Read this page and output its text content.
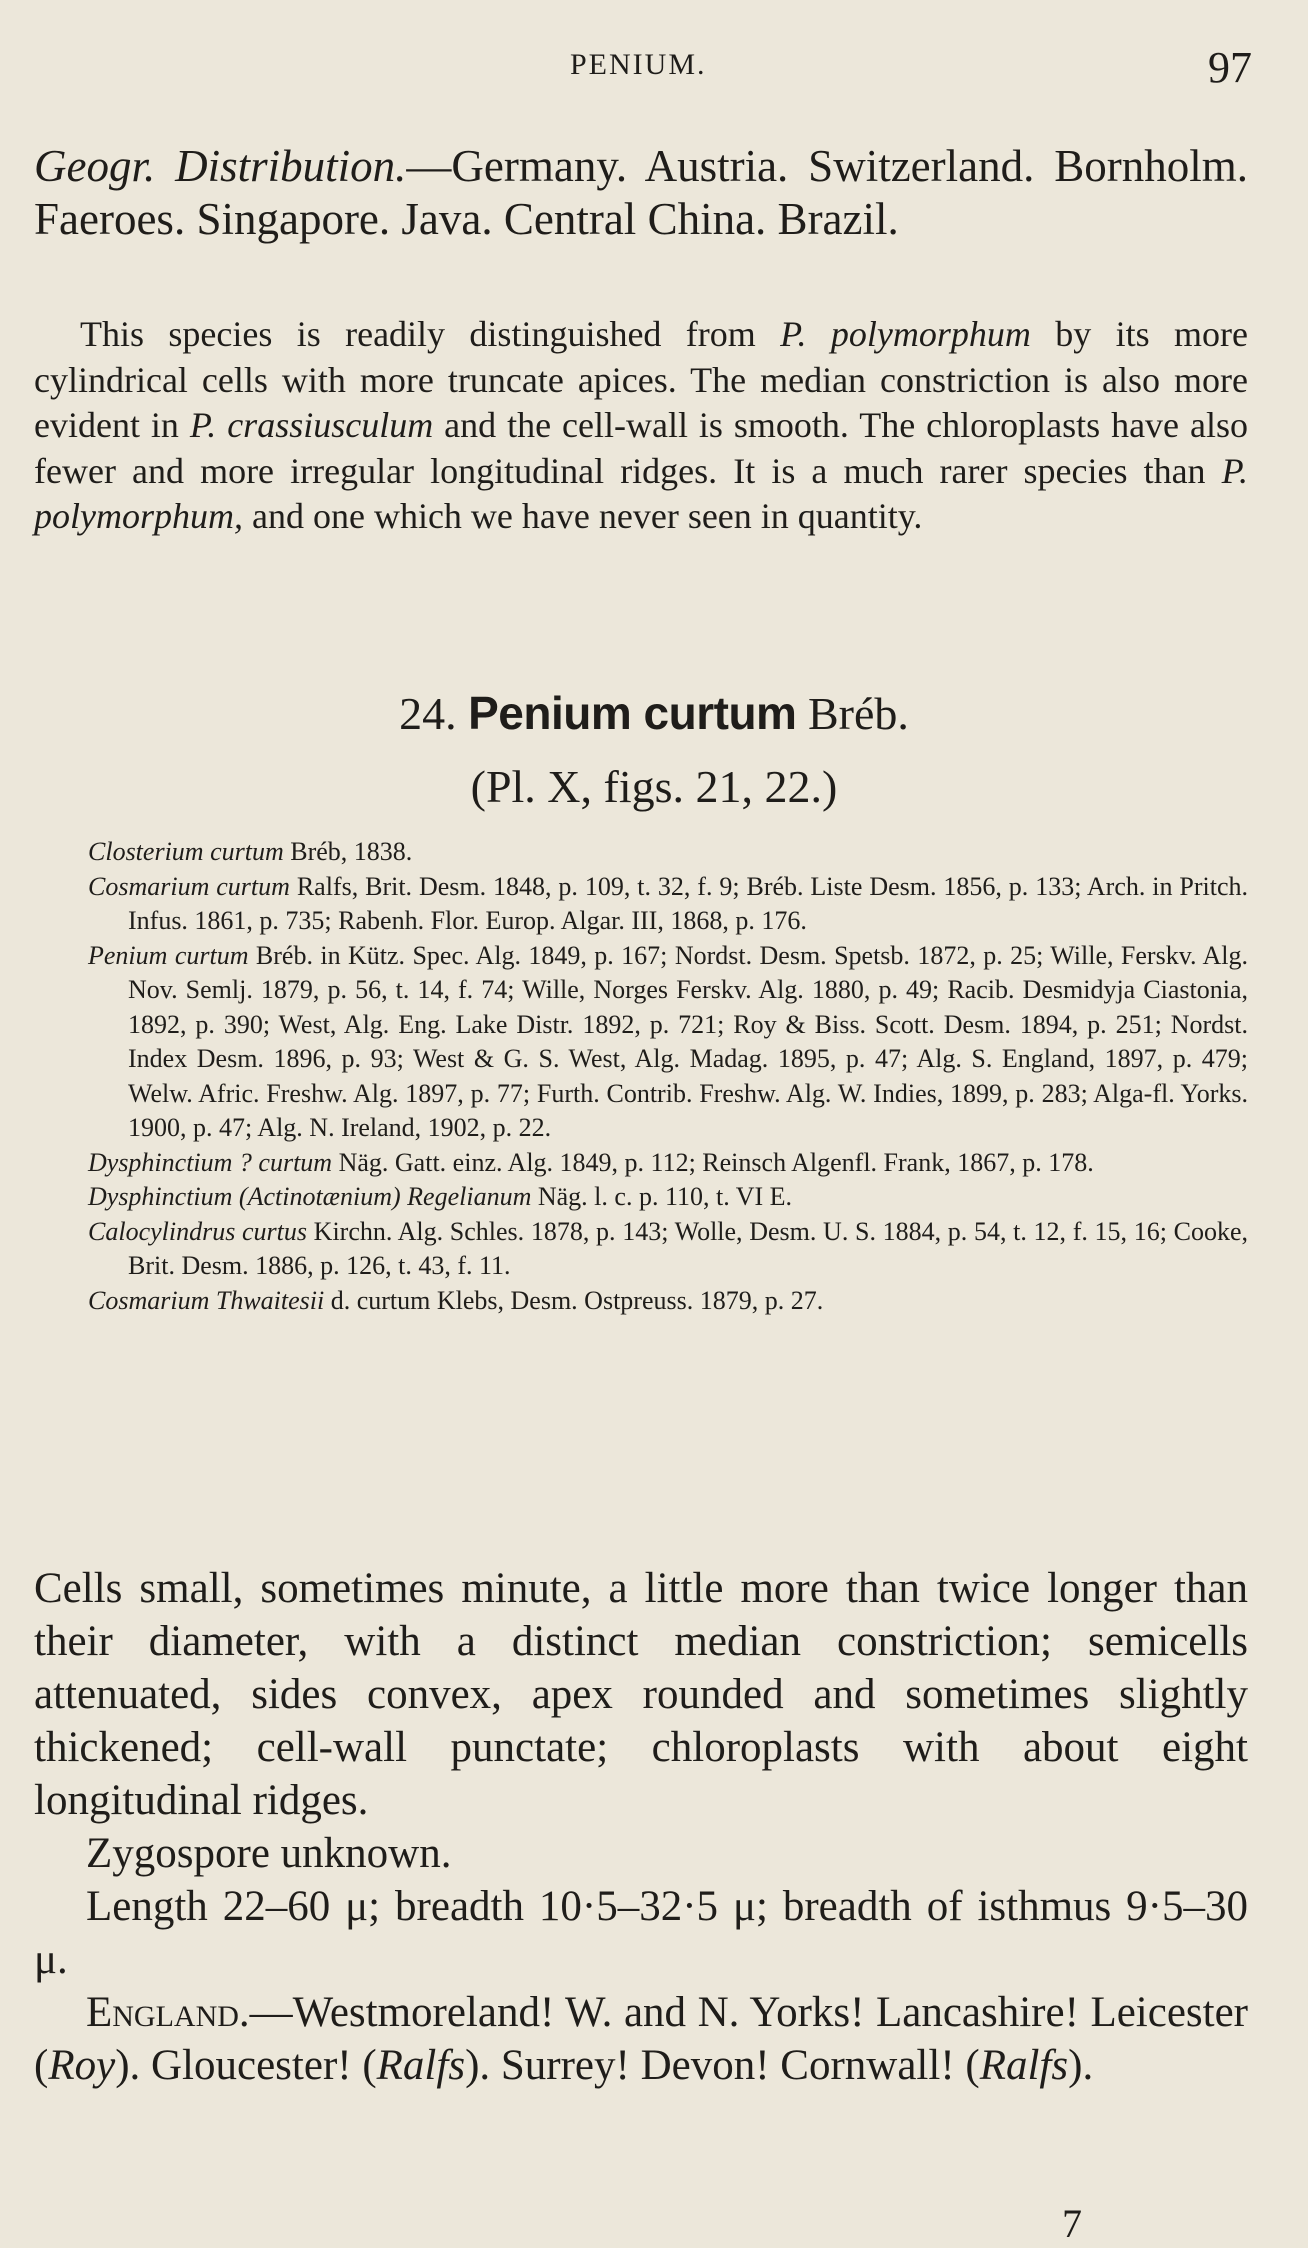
PENIUM.	97
Geogr. Distribution.—Germany. Austria. Switzerland. Bornholm. Faeroes. Singapore. Java. Central China. Brazil.
This species is readily distinguished from P. polymorphum by its more cylindrical cells with more truncate apices. The median constriction is also more evident in P. crassiusculum and the cell-wall is smooth. The chloroplasts have also fewer and more irregular longitudinal ridges. It is a much rarer species than P. polymorphum, and one which we have never seen in quantity.
24. Penium curtum Bréb.
(Pl. X, figs. 21, 22.)

Closterium curtum Bréb, 1838.

Cosmarium curtum Ralfs, Brit. Desm. 1848, p. 109, t. 32, f. 9; Bréb. Liste Desm. 1856, p. 133; Arch. in Pritch. Infus. 1861, p. 735; Rabenh. Flor. Europ. Algar. III, 1868, p. 176.

Penium curtum Bréb. in Kütz. Spec. Alg. 1849, p. 167; Nordst. Desm. Spetsb. 1872, p. 25; Wille, Ferskv. Alg. Nov. Semlj. 1879, p. 56, t. 14, f. 74; Wille, Norges Ferskv. Alg. 1880, p. 49; Racib. Desmidyja Ciastonia, 1892, p. 390; West, Alg. Eng. Lake Distr. 1892, p. 721; Roy & Biss. Scott. Desm. 1894, p. 251; Nordst. Index Desm. 1896, p. 93; West & G. S. West, Alg. Madag. 1895, p. 47; Alg. S. England, 1897, p. 479; Welw. Afric. Freshw. Alg. 1897, p. 77; Furth. Contrib. Freshw. Alg. W. Indies, 1899, p. 283; Alga-fl. Yorks. 1900, p. 47; Alg. N. Ireland, 1902, p. 22.

Dysphinctium ? curtum Näg. Gatt. einz. Alg. 1849, p. 112; Reinsch Algenfl. Frank, 1867, p. 178.

Dysphinctium (Actinotænium) Regelianum Näg. l. c. p. 110, t. VI E.

Calocylindrus curtus Kirchn. Alg. Schles. 1878, p. 143; Wolle, Desm. U. S. 1884, p. 54, t. 12, f. 15, 16; Cooke, Brit. Desm. 1886, p. 126, t. 43, f. 11.

Cosmarium Thwaitesii d. curtum Klebs, Desm. Ostpreuss. 1879, p. 27.

Cells small, sometimes minute, a little more than twice longer than their diameter, with a distinct median constriction; semicells attenuated, sides convex, apex rounded and sometimes slightly thickened; cell-wall punctate; chloroplasts with about eight longitudinal ridges.

Zygospore unknown.

Length 22–60 μ; breadth 10·5–32·5 μ; breadth of isthmus 9·5–30 μ.

England.—Westmoreland! W. and N. Yorks! Lancashire! Leicester (Roy). Gloucester! (Ralfs). Surrey! Devon! Cornwall! (Ralfs).

7
